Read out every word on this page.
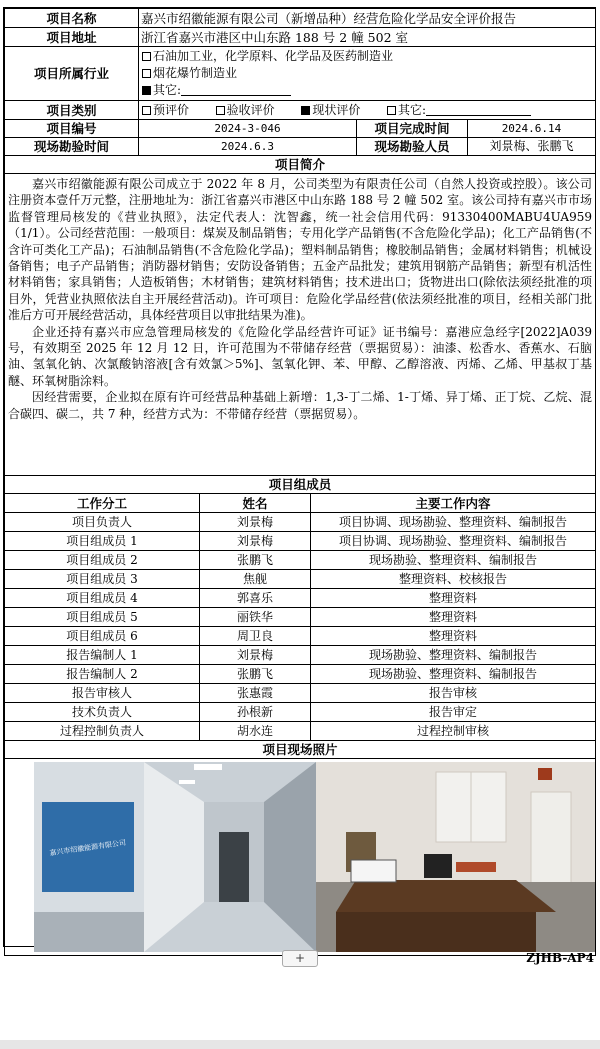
项目名称	嘉兴市绍徽能源有限公司（新增品种）经营危险化学品安全评价报告		
项目地址	浙江省嘉兴市港区中山东路 188 号 2 幢 502 室		
项目所属行业	石油加工业，化学原料、化学品及医药制造业
烟花爆竹制造业
其它:		

项目类别	预评价 验收评价 现状评价 其它:		
项目编号	2024-3-046	项目完成时间	2024.6.14
现场勘验时间	2024.6.3	现场勘验人员	刘景梅、张鹏飞
项目简介			

嘉兴市绍徽能源有限公司成立于 2022 年 8 月，公司类型为有限责任公司（自然人投资或控股）。该公司注册资本壹仟万元整，注册地址为：浙江省嘉兴市港区中山东路 188 号 2 幢 502 室。该公司持有嘉兴市市场监督管理局核发的《营业执照》，法定代表人：沈智鑫，统一社会信用代码：91330400MABU4UA959（1/1）。公司经营范围：一般项目：煤炭及制品销售；专用化学产品销售(不含危险化学品)；化工产品销售(不含许可类化工产品)；石油制品销售(不含危险化学品)；塑料制品销售；橡胶制品销售；金属材料销售；机械设备销售；电子产品销售；消防器材销售；安防设备销售；五金产品批发；建筑用钢筋产品销售；新型有机活性材料销售；家具销售；人造板销售；木材销售；建筑材料销售；技术进出口；货物进出口(除依法须经批准的项目外，凭营业执照依法自主开展经营活动)。许可项目：危险化学品经营(依法须经批准的项目，经相关部门批准后方可开展经营活动，具体经营项目以审批结果为准)。

企业还持有嘉兴市应急管理局核发的《危险化学品经营许可证》证书编号：嘉港应急经字[2022]A039 号，有效期至 2025 年 12 月 12 日，许可范围为不带储存经营（票据贸易）：油漆、松香水、香蕉水、石脑油、氢氧化钠、次氯酸钠溶液[含有效氯＞5%]、氢氧化钾、苯、甲醇、乙醇溶液、丙烯、乙烯、甲基叔丁基醚、环氧树脂涂料。

因经营需要，企业拟在原有许可经营品种基础上新增：1,3-丁二烯、1-丁烯、异丁烯、正丁烷、乙烷、混合碳四、碳二，共 7 种，经营方式为：不带储存经营（票据贸易）。			

项目组成员		
工作分工	姓名	主要工作内容
项目负责人	刘景梅	项目协调、现场勘验、整理资料、编制报告
项目组成员 1	刘景梅	项目协调、现场勘验、整理资料、编制报告
项目组成员 2	张鹏飞	现场勘验、整理资料、编制报告
项目组成员 3	焦舰	整理资料、校核报告
项目组成员 4	郭喜乐	整理资料
项目组成员 5	丽铁华	整理资料
项目组成员 6	周卫良	整理资料
报告编制人 1	刘景梅	现场勘验、整理资料、编制报告
报告编制人 2	张鹏飞	现场勘验、整理资料、编制报告
报告审核人	张惠霞	报告审核
技术负责人	孙根新	报告审定
过程控制负责人	胡水连	过程控制审核
项目现场照片		

嘉兴市绍徽能源有限公司		
+	ZJHB-AP4
